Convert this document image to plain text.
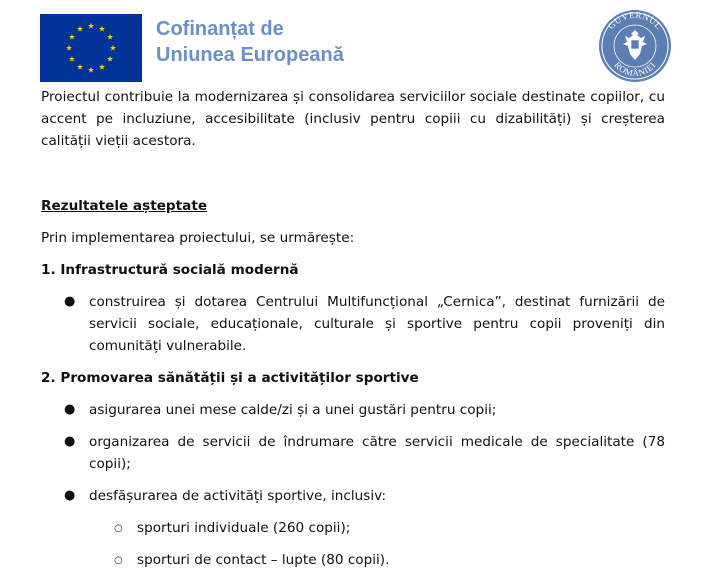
Cofinanțat de
Uniunea Europeană
GUVERNUL
ROMÂNIEI

Proiectul contribuie la modernizarea și consolidarea serviciilor sociale destinate copiilor, cu accent pe incluziune, accesibilitate (inclusiv pentru copiii cu dizabilități) și creșterea calității vieții acestora.

Rezultatele așteptate

Prin implementarea proiectului, se urmărește:

1. Infrastructură socială modernă

● construirea și dotarea Centrului Multifuncțional „Cernica”, destinat furnizării de servicii sociale, educaționale, culturale și sportive pentru copii proveniți din comunități vulnerabile.

2. Promovarea sănătății și a activităților sportive

● asigurarea unei mese calde/zi și a unei gustări pentru copii;
● organizarea de servicii de îndrumare către servicii medicale de specialitate (78 copii);
● desfășurarea de activități sportive, inclusiv:
○ sporturi individuale (260 copii);
○ sporturi de contact – lupte (80 copii).
